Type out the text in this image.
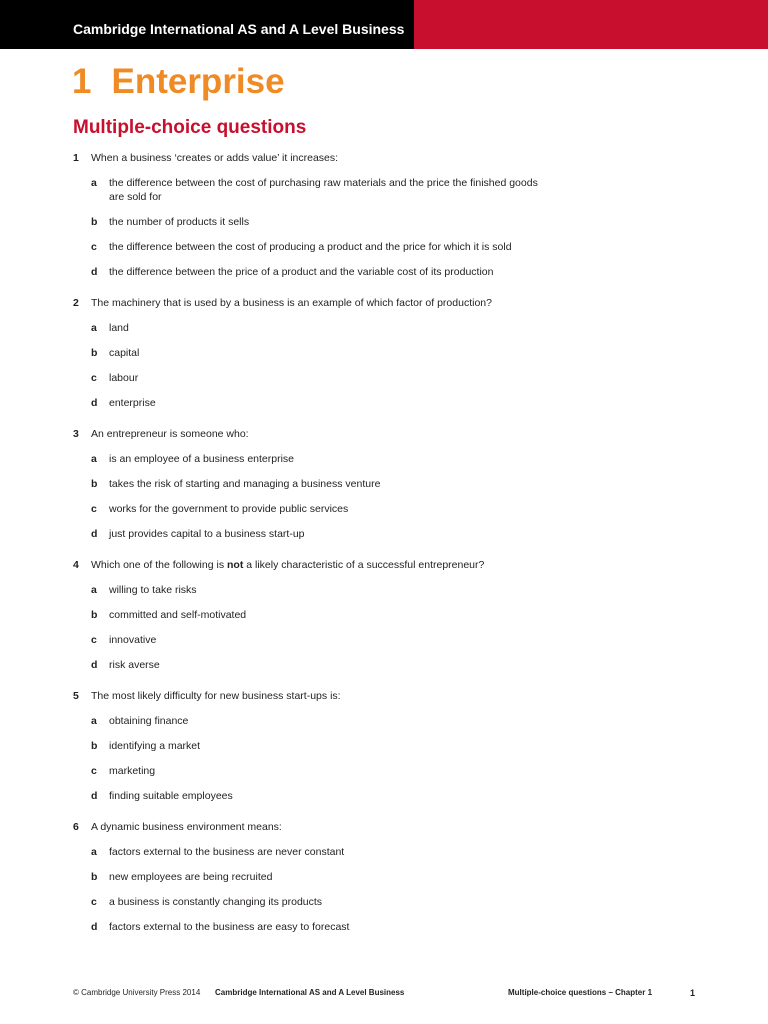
Cambridge International AS and A Level Business
1 Enterprise
Multiple-choice questions
1	When a business ‘creates or adds value’ it increases:
a	the difference between the cost of purchasing raw materials and the price the finished goods are sold for
b	the number of products it sells
c	the difference between the cost of producing a product and the price for which it is sold
d	the difference between the price of a product and the variable cost of its production
2	The machinery that is used by a business is an example of which factor of production?
a	land
b	capital
c	labour
d	enterprise
3	An entrepreneur is someone who:
a	is an employee of a business enterprise
b	takes the risk of starting and managing a business venture
c	works for the government to provide public services
d	just provides capital to a business start-up
4	Which one of the following is not a likely characteristic of a successful entrepreneur?
a	willing to take risks
b	committed and self-motivated
c	innovative
d	risk averse
5	The most likely difficulty for new business start-ups is:
a	obtaining finance
b	identifying a market
c	marketing
d	finding suitable employees
6	A dynamic business environment means:
a	factors external to the business are never constant
b	new employees are being recruited
c	a business is constantly changing its products
d	factors external to the business are easy to forecast
© Cambridge University Press 2014 Cambridge International AS and A Level Business	Multiple-choice questions – Chapter 1	1
